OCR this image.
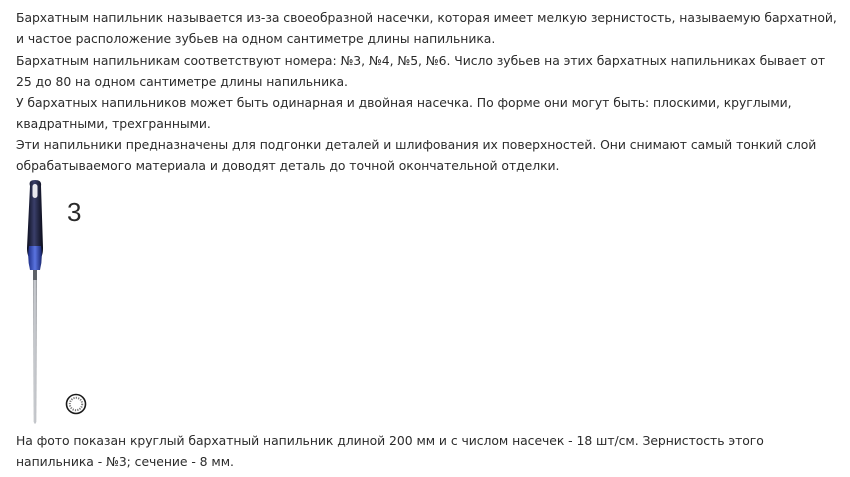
Бархатным напильник называется из-за своеобразной насечки, которая имеет мелкую зернистость, называемую бархатной, и частое расположение зубьев на одном сантиметре длины напильника.

Бархатным напильникам соответствуют номера: №3, №4, №5, №6. Число зубьев на этих бархатных напильниках бывает от 25 до 80 на одном сантиметре длины напильника.

У бархатных напильников может быть одинарная и двойная насечка. По форме они могут быть: плоскими, круглыми, квадратными, трехгранными.

Эти напильники предназначены для подгонки деталей и шлифования их поверхностей. Они снимают самый тонкий слой обрабатываемого материала и доводят деталь до точной окончательной отделки.

3

На фото показан круглый бархатный напильник длиной 200 мм и с числом насечек - 18 шт/см. Зернистость этого напильника - №3; сечение - 8 мм.
